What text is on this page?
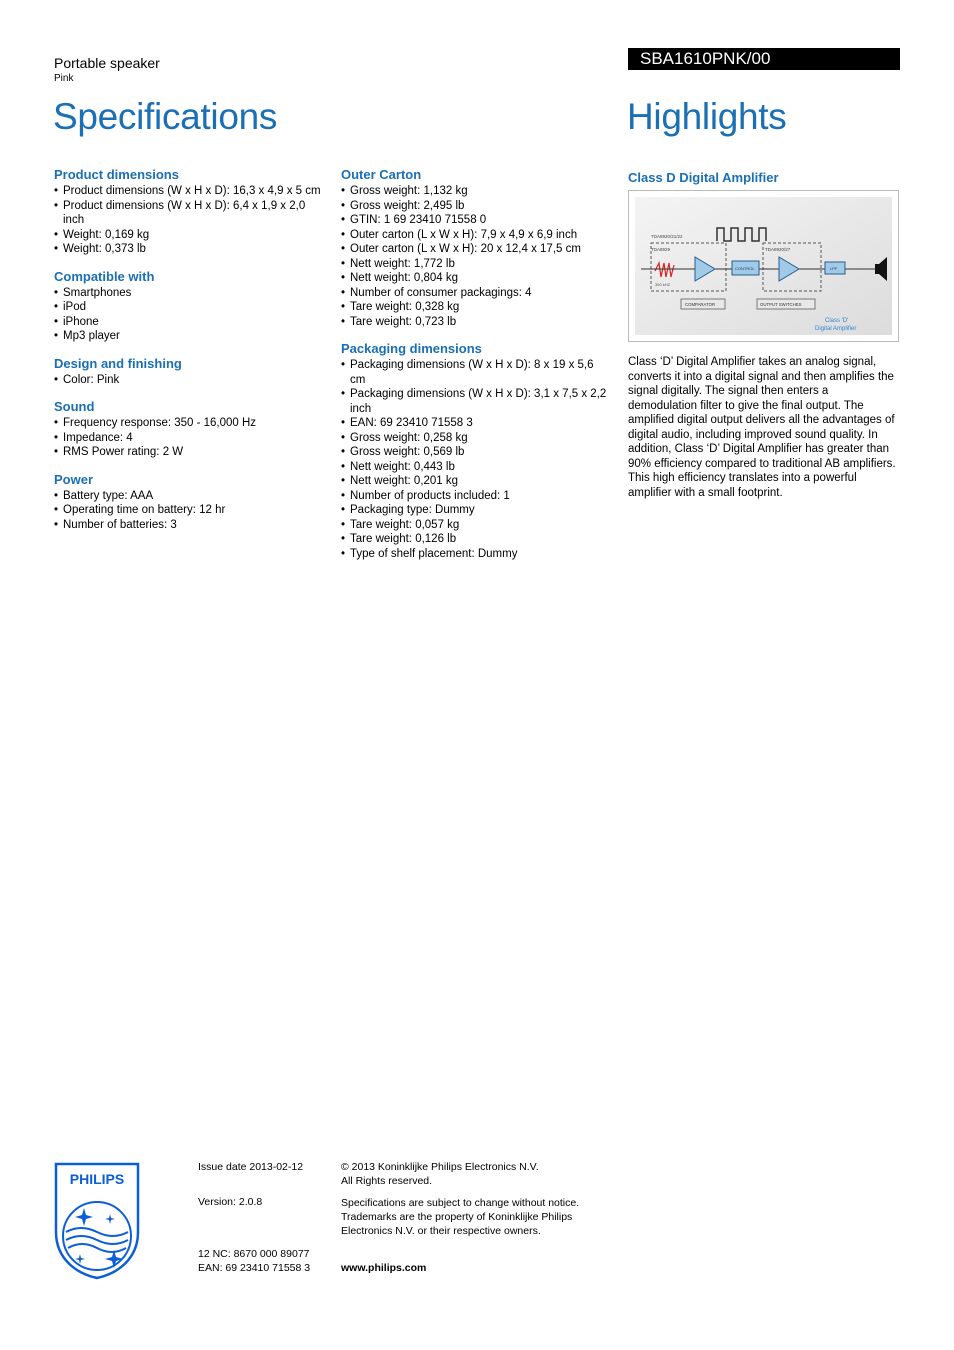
Portable speaker
Pink
Specifications
SBA1610PNK/00
Highlights
Product dimensions
• Product dimensions (W x H x D): 16,3 x 4,9 x 5 cm
• Product dimensions (W x H x D): 6,4 x 1,9 x 2,0 inch
• Weight: 0,169 kg
• Weight: 0,373 lb
Compatible with
• Smartphones
• iPod
• iPhone
• Mp3 player
Design and finishing
• Color: Pink
Sound
• Frequency response: 350 - 16,000 Hz
• Impedance: 4
• RMS Power rating: 2 W
Power
• Battery type: AAA
• Operating time on battery: 12 hr
• Number of batteries: 3
Outer Carton
• Gross weight: 1,132 kg
• Gross weight: 2,495 lb
• GTIN: 1 69 23410 71558 0
• Outer carton (L x W x H): 7,9 x 4,9 x 6,9 inch
• Outer carton (L x W x H): 20 x 12,4 x 17,5 cm
• Nett weight: 1,772 lb
• Nett weight: 0,804 kg
• Number of consumer packagings: 4
• Tare weight: 0,328 kg
• Tare weight: 0,723 lb
Packaging dimensions
• Packaging dimensions (W x H x D): 8 x 19 x 5,6 cm
• Packaging dimensions (W x H x D): 3,1 x 7,5 x 2,2 inch
• EAN: 69 23410 71558 3
• Gross weight: 0,258 kg
• Gross weight: 0,569 lb
• Nett weight: 0,443 lb
• Nett weight: 0,201 kg
• Number of products included: 1
• Packaging type: Dummy
• Tare weight: 0,057 kg
• Tare weight: 0,126 lb
• Type of shelf placement: Dummy
Class D Digital Amplifier
TDA8920/21/22
TDA8929	TDA8920/27
350 kHZ
CONTROL	LPF
COMPARATOR	OUTPUT SWITCHES
Class 'D'
Digital Amplifier
Class ‘D’ Digital Amplifier takes an analog signal, converts it into a digital signal and then amplifies the signal digitally. The signal then enters a demodulation filter to give the final output. The amplified digital output delivers all the advantages of digital audio, including improved sound quality. In addition, Class ‘D’ Digital Amplifier has greater than 90% efficiency compared to traditional AB amplifiers. This high efficiency translates into a powerful amplifier with a small footprint.
PHILIPS
Issue date 2013-02-12
Version: 2.0.8
12 NC: 8670 000 89077
EAN: 69 23410 71558 3
© 2013 Koninklijke Philips Electronics N.V.
All Rights reserved.
Specifications are subject to change without notice. Trademarks are the property of Koninklijke Philips Electronics N.V. or their respective owners.
www.philips.com
